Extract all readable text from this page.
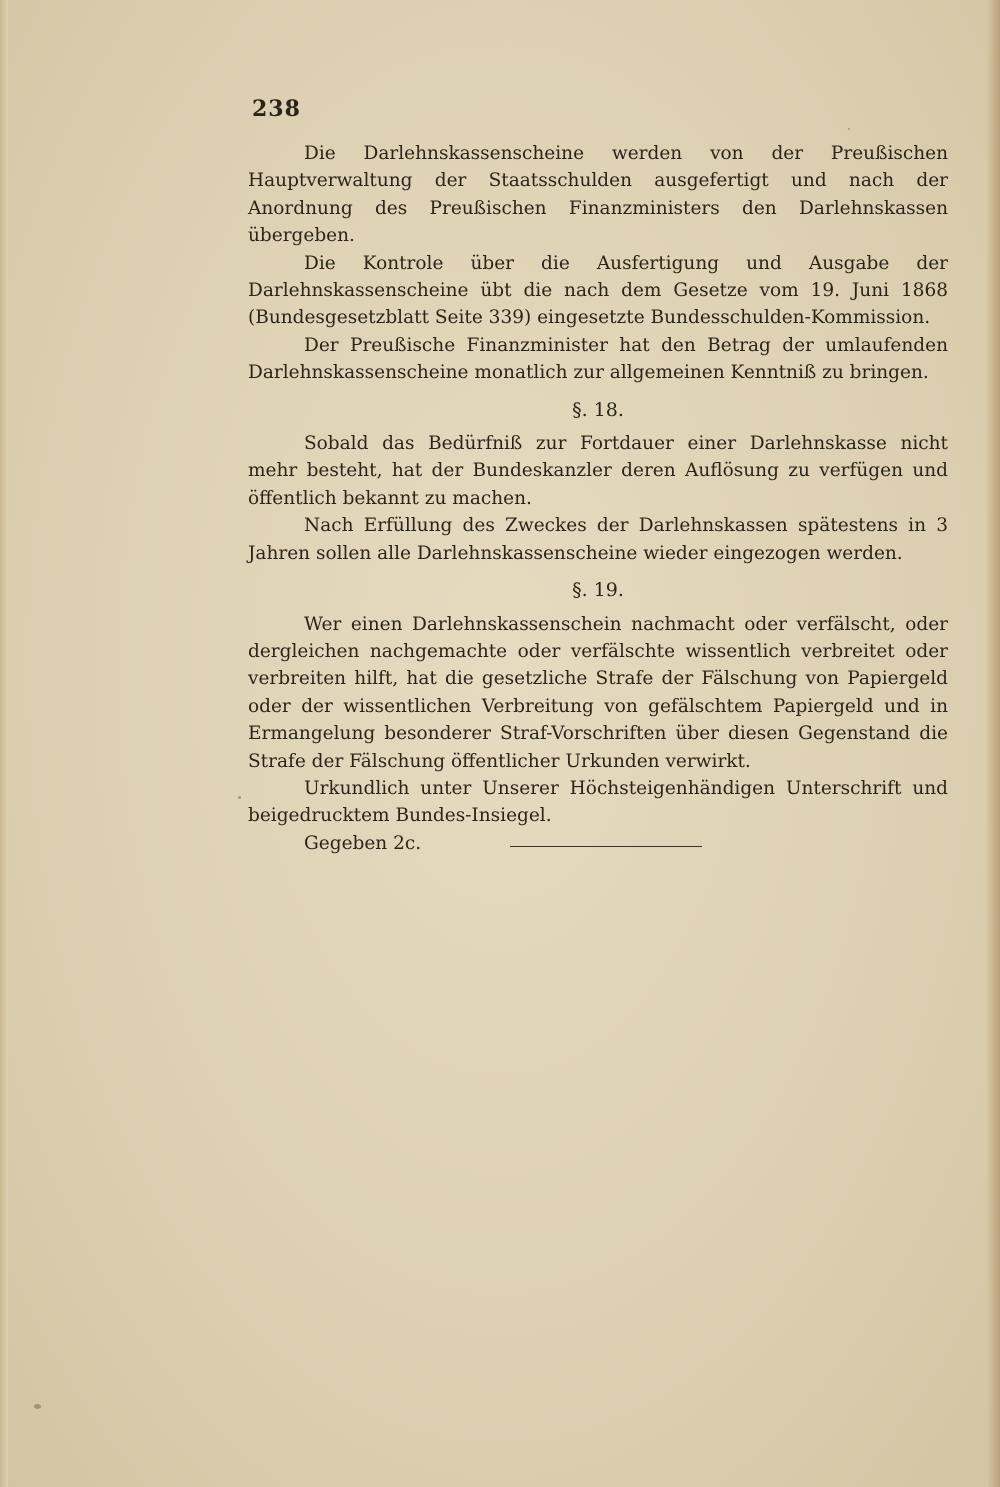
238

Die Darlehnskassenscheine werden von der Preußischen Hauptverwaltung der Staatsschulden ausgefertigt und nach der Anordnung des Preußischen Finanzministers den Darlehnskassen übergeben.

Die Kontrole über die Ausfertigung und Ausgabe der Darlehnskassenscheine übt die nach dem Gesetze vom 19. Juni 1868 (Bundesgesetzblatt Seite 339) eingesetzte Bundesschulden-Kommission.

Der Preußische Finanzminister hat den Betrag der umlaufenden Darlehnskassenscheine monatlich zur allgemeinen Kenntniß zu bringen.

§. 18.

Sobald das Bedürfniß zur Fortdauer einer Darlehnskasse nicht mehr besteht, hat der Bundeskanzler deren Auflösung zu verfügen und öffentlich bekannt zu machen.

Nach Erfüllung des Zweckes der Darlehnskassen spätestens in 3 Jahren sollen alle Darlehnskassenscheine wieder eingezogen werden.

§. 19.

Wer einen Darlehnskassenschein nachmacht oder verfälscht, oder dergleichen nachgemachte oder verfälschte wissentlich verbreitet oder verbreiten hilft, hat die gesetzliche Strafe der Fälschung von Papiergeld oder der wissentlichen Verbreitung von gefälschtem Papiergeld und in Ermangelung besonderer Straf-Vorschriften über diesen Gegenstand die Strafe der Fälschung öffentlicher Urkunden verwirkt.

Urkundlich unter Unserer Höchsteigenhändigen Unterschrift und beigedrucktem Bundes-Insiegel.

Gegeben 2c.
